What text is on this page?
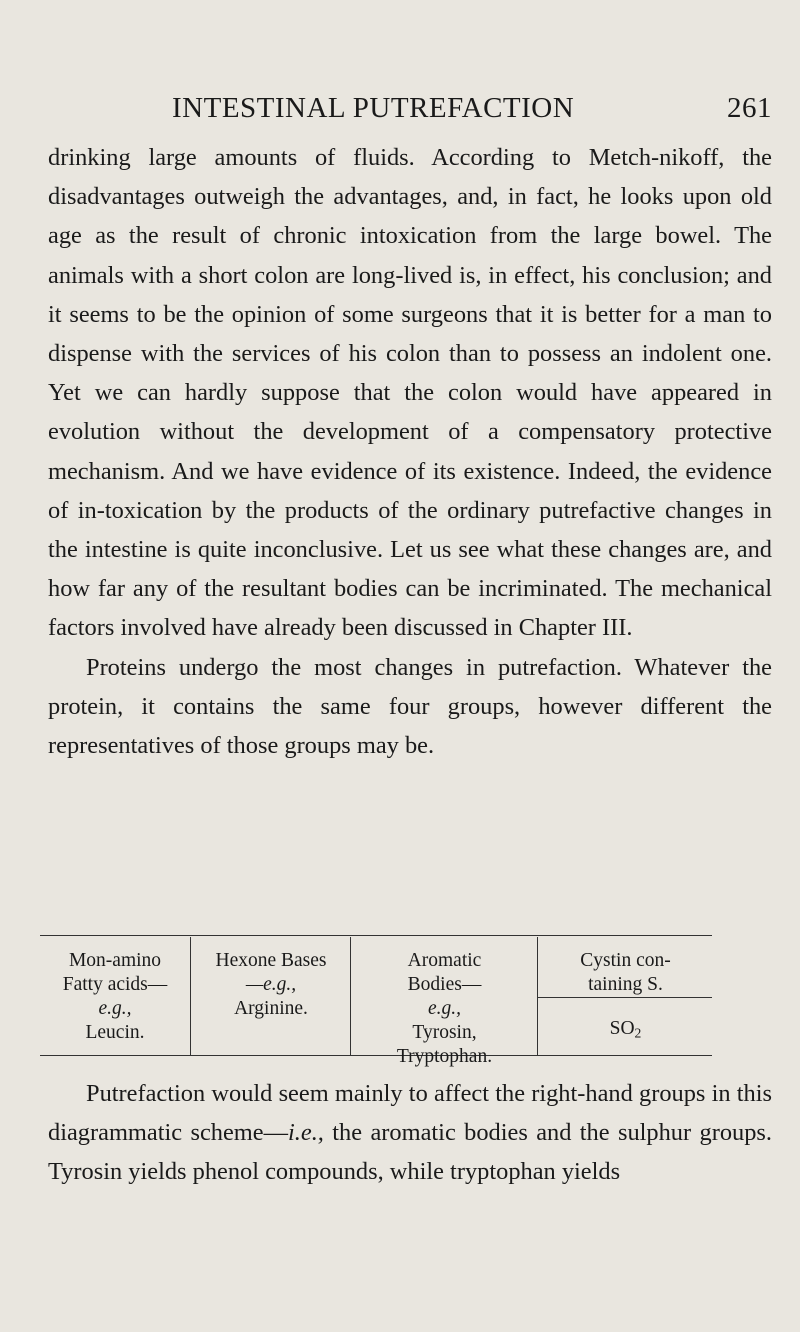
INTESTINAL PUTREFACTION	261

drinking large amounts of fluids. According to Metch-nikoff, the disadvantages outweigh the advantages, and, in fact, he looks upon old age as the result of chronic intoxication from the large bowel. The animals with a short colon are long-lived is, in effect, his conclusion; and it seems to be the opinion of some surgeons that it is better for a man to dispense with the services of his colon than to possess an indolent one. Yet we can hardly suppose that the colon would have appeared in evolution without the development of a compensatory protective mechanism. And we have evidence of its existence. Indeed, the evidence of in-toxication by the products of the ordinary putrefactive changes in the intestine is quite inconclusive. Let us see what these changes are, and how far any of the resultant bodies can be incriminated. The mechanical factors involved have already been discussed in Chapter III.

Proteins undergo the most changes in putrefaction. Whatever the protein, it contains the same four groups, however different the representatives of those groups may be.

Mon-amino
Fatty acids—
e.g.,
Leucin.
Hexone Bases
—e.g.,
Arginine.
Aromatic
Bodies—
e.g.,
Tyrosin,
Tryptophan.
Cystin con-
taining S.
$SO_2$

Putrefaction would seem mainly to affect the right-hand groups in this diagrammatic scheme—i.e., the aromatic bodies and the sulphur groups. Tyrosin yields phenol compounds, while tryptophan yields
